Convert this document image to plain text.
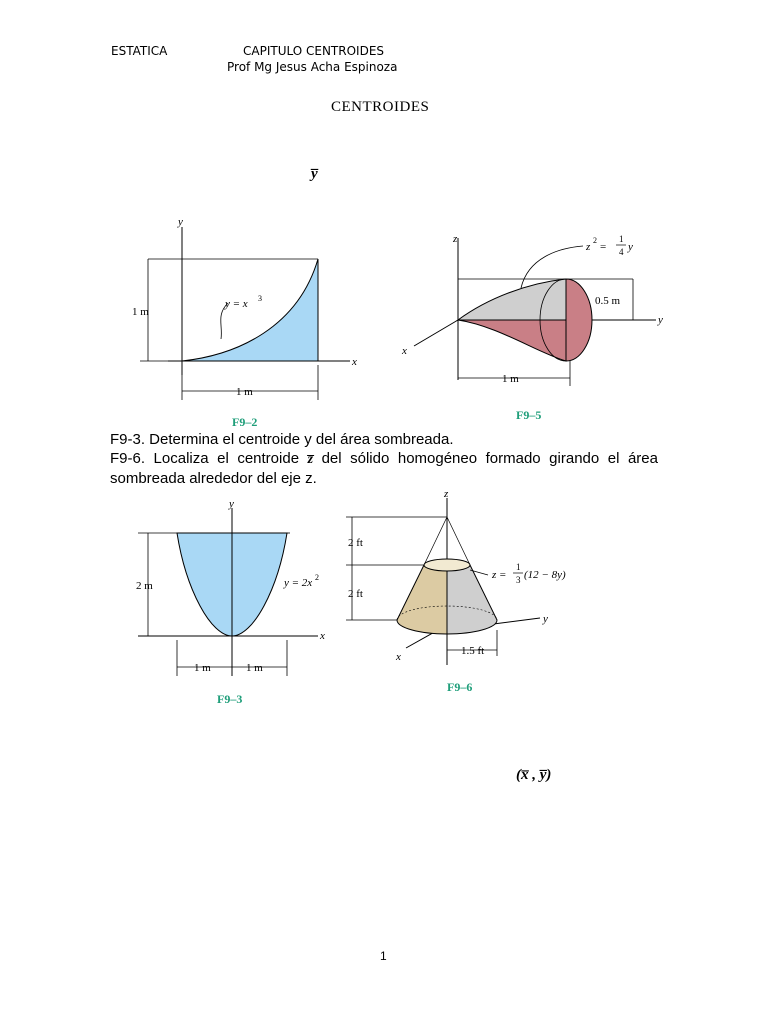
ESTATICA	CAPITULO CENTROIDES
Prof Mg Jesus Acha Espinoza
CENTROIDES
y̅
y
x
1 m
1 m
y = x 3
F9–2
z
y
x
0.5 m
1 m
z
2
=
1
4 y
F9–5
F9-3. Determina el centroide y del área sombreada.
F9-6. Localiza el centroide z̅ del sólido homogéneo formado girando el área sombreada alrededor del eje z.
y
x
2 m	y = 2x 2
1 m	1 m
F9–3
z
y
x
2 ft
2 ft
1.5 ft
z =
1
3 (12 − 8y)
F9–6
(x̅ , y̅)
1
